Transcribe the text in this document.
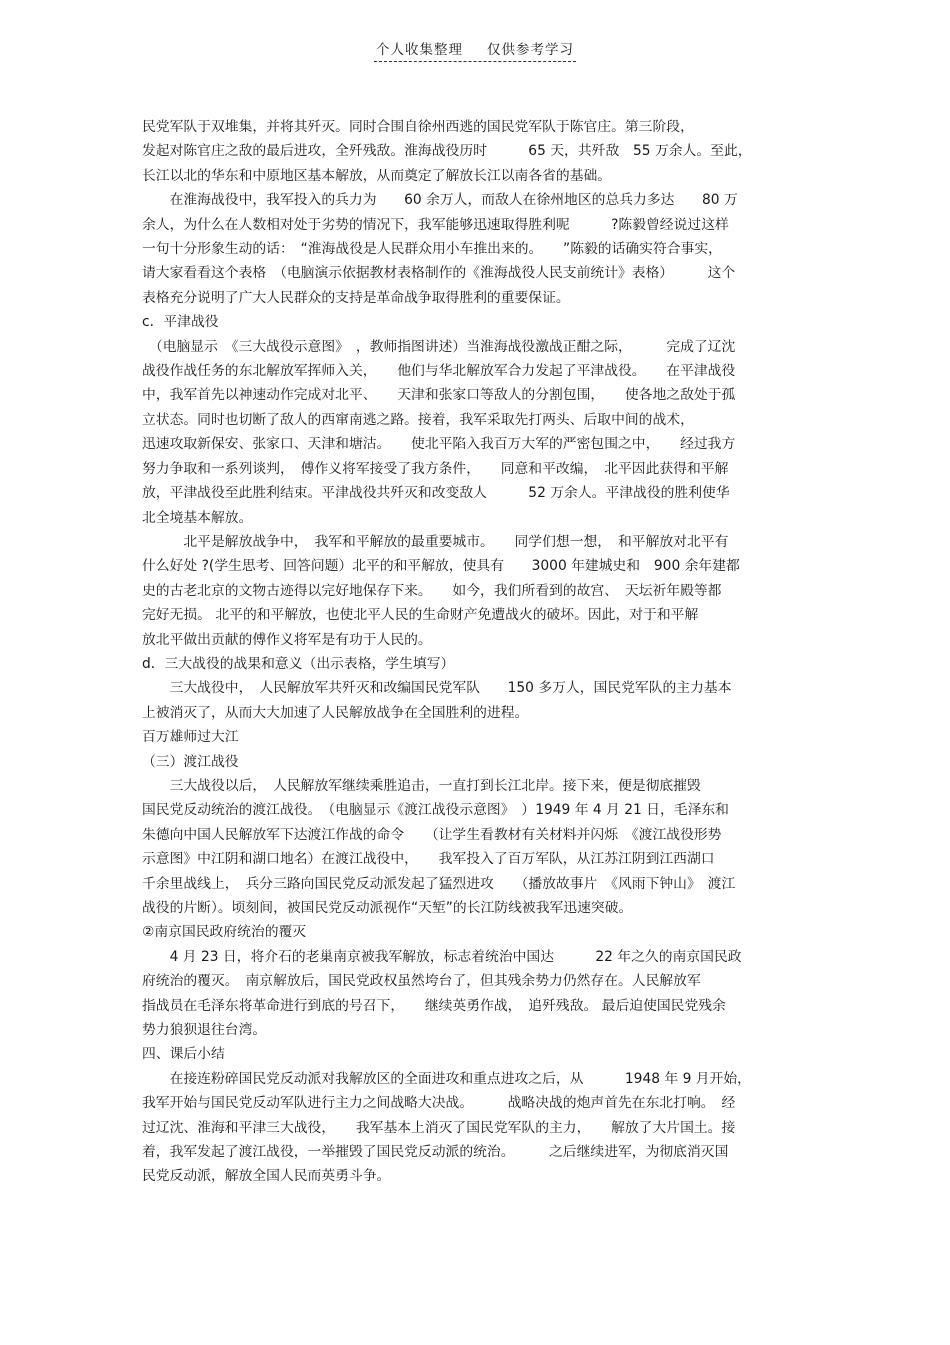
个人收集整理 仅供参考学习

民党军队于双堆集，并将其歼灭。同时合围自徐州西逃的国民党军队于陈官庄。第三阶段，

发起对陈官庄之敌的最后进攻，全歼残敌。淮海战役历时　　　65 天，共歼敌　55 万余人。至此，

长江以北的华东和中原地区基本解放，从而奠定了解放长江以南各省的基础。

　　在淮海战役中，我军投入的兵力为　　60 余万人，而敌人在徐州地区的总兵力多达　　80 万

余人，为什么在人数相对处于劣势的情况下，我军能够迅速取得胜利呢　　　?陈毅曾经说过这样

一句十分形象生动的话：　“淮海战役是人民群众用小车推出来的。　　”陈毅的话确实符合事实，

请大家看看这个表格　（电脑演示依据教材表格制作的《淮海战役人民支前统计》表格）　　　这个

表格充分说明了广大人民群众的支持是革命战争取得胜利的重要保证。

c．平津战役

　（电脑显示　《三大战役示意图》　，教师指图讲述）当淮海战役激战正酣之际，　　　完成了辽沈

战役作战任务的东北解放军挥师入关，　　他们与华北解放军合力发起了平津战役。　　在平津战役

中，我军首先以神速动作完成对北平、　　天津和张家口等敌人的分割包围，　　使各地之敌处于孤

立状态。同时也切断了敌人的西窜南逃之路。接着，我军采取先打两头、后取中间的战术，

迅速攻取新保安、张家口、天津和塘沽。　　使北平陷入我百万大军的严密包围之中，　　经过我方

努力争取和一系列谈判，　傅作义将军接受了我方条件，　　同意和平改编，　北平因此获得和平解

放，平津战役至此胜利结束。平津战役共歼灭和改变敌人　　　52 万余人。平津战役的胜利使华

北全境基本解放。

　　　北平是解放战争中，　我军和平解放的最重要城市。　　同学们想一想，　和平解放对北平有

什么好处 ?(学生思考、回答问题）北平的和平解放，使具有　　3000 年建城史和　900 余年建都

史的古老北京的文物古迹得以完好地保存下来。　　如今，我们所看到的故宫、　天坛祈年殿等都

完好无损。 北平的和平解放，也使北平人民的生命财产免遭战火的破坏。因此，对于和平解

放北平做出贡献的傅作义将军是有功于人民的。

d．三大战役的战果和意义（出示表格，学生填写）

　　三大战役中，　人民解放军共歼灭和改编国民党军队　　150 多万人，国民党军队的主力基本

上被消灭了，从而大大加速了人民解放战争在全国胜利的进程。

百万雄师过大江

（三）渡江战役

　　三大战役以后，　人民解放军继续乘胜追击，一直打到长江北岸。接下来，便是彻底摧毁

国民党反动统治的渡江战役。　（电脑显示《渡江战役示意图》　）1949 年 4 月 21 日，毛泽东和

朱德向中国人民解放军下达渡江作战的命令　　（让学生看教材有关材料并闪烁　《渡江战役形势

示意图》中江阴和湖口地名）在渡江战役中，　　我军投入了百万军队，从江苏江阴到江西湖口

千余里战线上，　兵分三路向国民党反动派发起了猛烈进攻　　（播放故事片　《风雨下钟山》　渡江

战役的片断）。顷刻间，被国民党反动派视作“天堑”的长江防线被我军迅速突破。

②南京国民政府统治的覆灭

　　4 月 23 日，将介石的老巢南京被我军解放，标志着统治中国达　　　22 年之久的南京国民政

府统治的覆灭。　南京解放后，国民党政权虽然垮台了，但其残余势力仍然存在。人民解放军

指战员在毛泽东将革命进行到底的号召下，　　继续英勇作战，　追歼残敌。 最后迫使国民党残余

势力狼狈退往台湾。

四、课后小结

　　在接连粉碎国民党反动派对我解放区的全面进攻和重点进攻之后，从　　　1948 年 9 月开始，

我军开始与国民党反动军队进行主力之间战略大决战。　　　战略决战的炮声首先在东北打响。　经

过辽沈、淮海和平津三大战役，　　我军基本上消灭了国民党军队的主力，　　解放了大片国土。接

着，我军发起了渡江战役，一举摧毁了国民党反动派的统治。　　　之后继续进军，为彻底消灭国

民党反动派，解放全国人民而英勇斗争。
